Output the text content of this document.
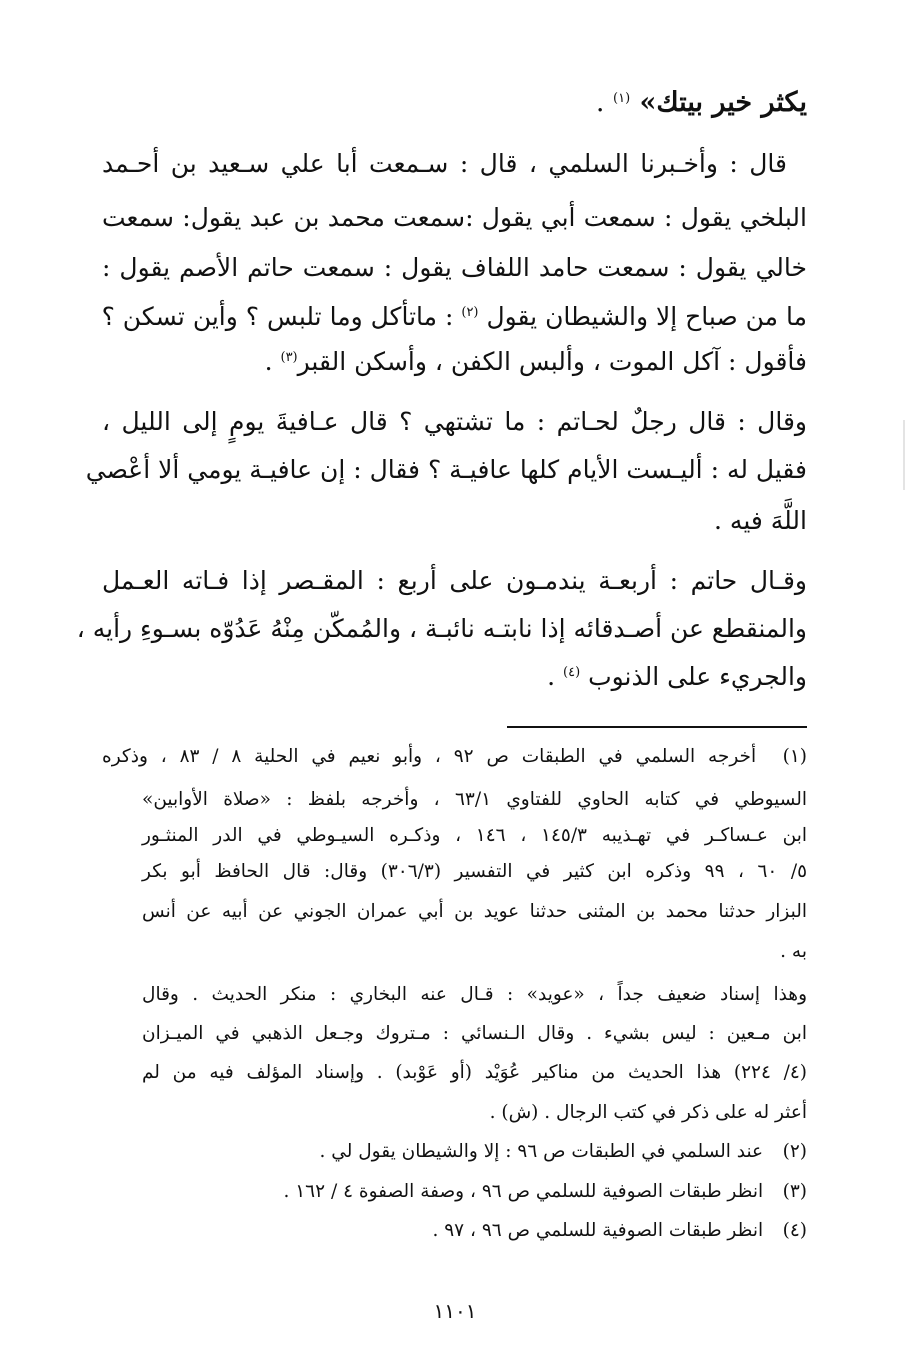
يكثر خير بيتك» $^{(١)}$ .
قال : وأخـبرنا السلمي ، قال : سـمعت أبا علي سـعيد بن أحـمد
البلخي يقول : سمعت أبي يقول :سمعت محمد بن عبد يقول: سمعت
خالي يقول : سمعت حامد اللفاف يقول : سمعت حاتم الأصم يقول :
ما من صباح إلا والشيطان يقول $^{(٢)}$ : ماتأكل وما تلبس ؟ وأين تسكن ؟
فأقول : آكل الموت ، وألبس الكفن ، وأسكن القبر$^{(٣)}$ .
وقال : قال رجلٌ لحـاتم : ما تشتهي ؟ قال عـافيةَ يومٍ إلى الليل ،
فقيل له : أليـست الأيام كلها عافيـة ؟ فقال : إن عافيـة يومي ألا أعْصي
اللَّهَ فيه .
وقـال حاتم : أربعـة يندمـون على أربع : المقـصر إذا فـاته العـمل
والمنقطع عن أصـدقائه إذا نابتـه نائبـة ، والمُمكّن مِنْهُ عَدُوّه بسـوءِ رأيه ،
والجريء على الذنوب $^{(٤)}$ .
(١) أخرجه السلمي في الطبقات ص ٩٢ ، وأبو نعيم في الحلية ٨ / ٨٣ ، وذكره
السيوطي في كتابه الحاوي للفتاوي ٦٣/١ ، وأخرجه بلفظ : «صلاة الأوابين»
ابن عـساكـر في تهـذيبه ١٤٥/٣ ، ١٤٦ ، وذكـره السيـوطي في الدر المنثـور
٥/ ٦٠ ، ٩٩ وذكره ابن كثير في التفسير (٣٠٦/٣) وقال: قال الحافظ أبو بكر
البزار حدثنا محمد بن المثنى حدثنا عويد بن أبي عمران الجوني عن أبيه عن أنس
به .
وهذا إسناد ضعيف جداً ، «عويد» : قـال عنه البخاري : منكر الحديث . وقال
ابن مـعين : ليس بشيء . وقال الـنسائي : مـتروك وجـعل الذهبي في الميـزان
(٤/ ٢٢٤) هذا الحديث من مناكير عُوَيْد (أو عَوْبد) . وإسناد المؤلف فيه من لم
أعثر له على ذكر في كتب الرجال . (ش) .
(٢) عند السلمي في الطبقات ص ٩٦ : إلا والشيطان يقول لي .
(٣) انظر طبقات الصوفية للسلمي ص ٩٦ ، وصفة الصفوة ٤ / ١٦٢ .
(٤) انظر طبقات الصوفية للسلمي ص ٩٦ ، ٩٧ .
١١٠١
